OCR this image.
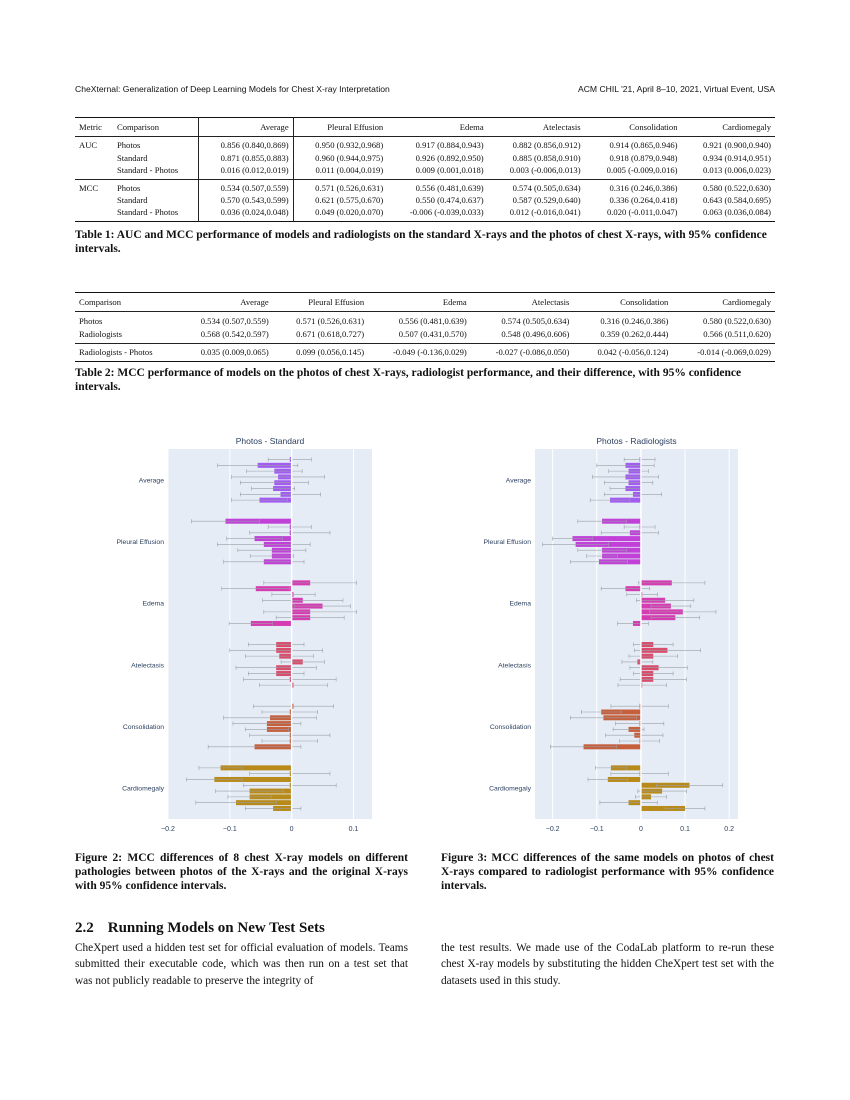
CheXternal: Generalization of Deep Learning Models for Chest X-ray Interpretation	ACM CHIL '21, April 8–10, 2021, Virtual Event, USA
Metric	Comparison	Average	Pleural Effusion	Edema	Atelectasis	Consolidation	Cardiomegaly
AUC	Photos	0.856 (0.840,0.869)	0.950 (0.932,0.968)	0.917 (0.884,0.943)	0.882 (0.856,0.912)	0.914 (0.865,0.946)	0.921 (0.900,0.940)
	Standard	0.871 (0.855,0.883)	0.960 (0.944,0.975)	0.926 (0.892,0.950)	0.885 (0.858,0.910)	0.918 (0.879,0.948)	0.934 (0.914,0.951)
	Standard - Photos	0.016 (0.012,0.019)	0.011 (0.004,0.019)	0.009 (0.001,0.018)	0.003 (-0.006,0.013)	0.005 (-0.009,0.016)	0.013 (0.006,0.023)
MCC	Photos	0.534 (0.507,0.559)	0.571 (0.526,0.631)	0.556 (0.481,0.639)	0.574 (0.505,0.634)	0.316 (0.246,0.386)	0.580 (0.522,0.630)
	Standard	0.570 (0.543,0.599)	0.621 (0.575,0.670)	0.550 (0.474,0.637)	0.587 (0.529,0.640)	0.336 (0.264,0.418)	0.643 (0.584,0.695)
	Standard - Photos	0.036 (0.024,0.048)	0.049 (0.020,0.070)	-0.006 (-0.039,0.033)	0.012 (-0.016,0.041)	0.020 (-0.011,0.047)	0.063 (0.036,0.084)
Table 1: AUC and MCC performance of models and radiologists on the standard X-rays and the photos of chest X-rays, with 95% confidence intervals.
Comparison	Average	Pleural Effusion	Edema	Atelectasis	Consolidation	Cardiomegaly
Photos	0.534 (0.507,0.559)	0.571 (0.526,0.631)	0.556 (0.481,0.639)	0.574 (0.505,0.634)	0.316 (0.246,0.386)	0.580 (0.522,0.630)
Radiologists	0.568 (0.542,0.597)	0.671 (0.618,0.727)	0.507 (0.431,0.570)	0.548 (0.496,0.606)	0.359 (0.262,0.444)	0.566 (0.511,0.620)
Radiologists - Photos	0.035 (0.009,0.065)	0.099 (0.056,0.145)	-0.049 (-0.136,0.029)	-0.027 (-0.086,0.050)	0.042 (-0.056,0.124)	-0.014 (-0.069,0.029)
Table 2: MCC performance of models on the photos of chest X-rays, radiologist performance, and their difference, with 95% confidence intervals.
−0.2	−0.1	0	0.1
Photos - Standard
Average
Pleural Effusion
Edema
Atelectasis
Consolidation
Cardiomegaly
−0.2	−0.1	0	0.1	0.2
Photos - Radiologists
Average
Pleural Effusion
Edema
Atelectasis
Consolidation
Cardiomegaly
Figure 2: MCC differences of 8 chest X-ray models on different pathologies between photos of the X-rays and the original X-rays with 95% confidence intervals.
Figure 3: MCC differences of the same models on photos of chest X-rays compared to radiologist performance with 95% confidence intervals.
2.2 Running Models on New Test Sets
CheXpert used a hidden test set for official evaluation of models. Teams submitted their executable code, which was then run on a test set that was not publicly readable to preserve the integrity of
the test results. We made use of the CodaLab platform to re-run these chest X-ray models by substituting the hidden CheXpert test set with the datasets used in this study.
